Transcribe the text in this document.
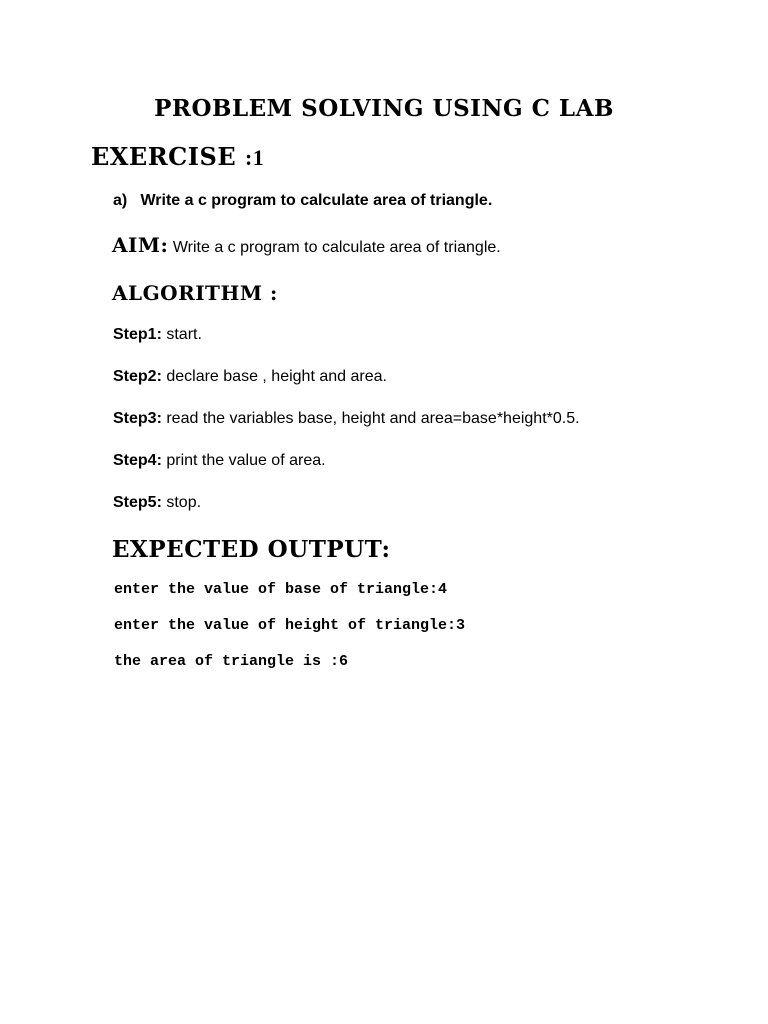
PROBLEM SOLVING USING C LAB
EXERCISE :1
a) Write a c program to calculate area of triangle.
AIM: Write a c program to calculate area of triangle.
ALGORITHM :
Step1: start.
Step2: declare base , height and area.
Step3: read the variables base, height and area=base*height*0.5.
Step4: print the value of area.
Step5: stop.
EXPECTED OUTPUT:
enter the value of base of triangle:4
enter the value of height of triangle:3
the area of triangle is :6
